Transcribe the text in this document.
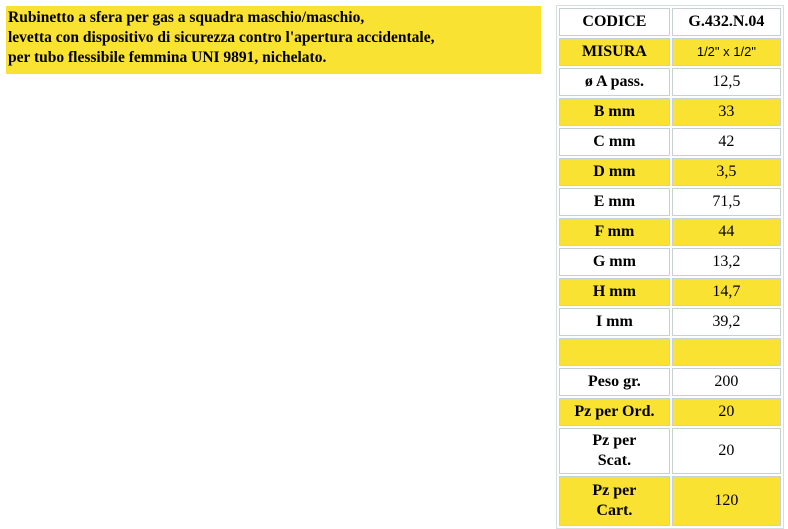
Rubinetto a sfera per gas a squadra maschio/maschio,
levetta con dispositivo di sicurezza contro l'apertura accidentale,
per tubo flessibile femmina UNI 9891, nichelato.
CODICE	G.432.N.04
MISURA	1/2" x 1/2"
ø A pass.	12,5
B mm	33
C mm	42
D mm	3,5
E mm	71,5
F mm	44
G mm	13,2
H mm	14,7
I mm	39,2

Peso gr.	200
Pz per Ord.	20
Pz per Scat.	20
Pz per Cart.	120
